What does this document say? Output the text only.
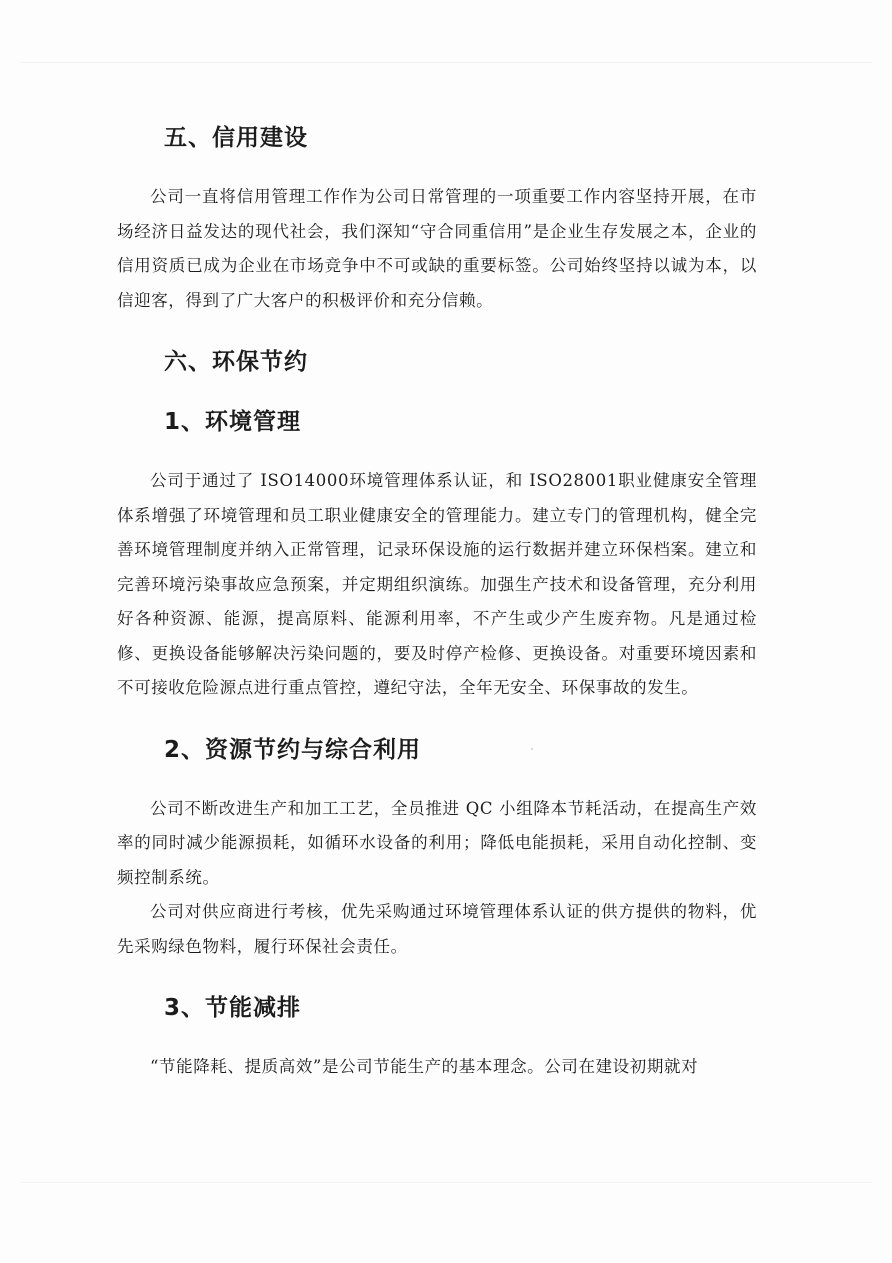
五、信用建设

公司一直将信用管理工作作为公司日常管理的一项重要工作内容坚持开展，在市场经济日益发达的现代社会，我们深知“守合同重信用”是企业生存发展之本，企业的信用资质已成为企业在市场竞争中不可或缺的重要标签。公司始终坚持以诚为本，以信迎客，得到了广大客户的积极评价和充分信赖。

六、环保节约
1、环境管理

公司于通过了 ISO14000环境管理体系认证，和 ISO28001职业健康安全管理体系增强了环境管理和员工职业健康安全的管理能力。建立专门的管理机构，健全完善环境管理制度并纳入正常管理，记录环保设施的运行数据并建立环保档案。建立和完善环境污染事故应急预案，并定期组织演练。加强生产技术和设备管理，充分利用好各种资源、能源，提高原料、能源利用率，不产生或少产生废弃物。凡是通过检修、更换设备能够解决污染问题的，要及时停产检修、更换设备。对重要环境因素和不可接收危险源点进行重点管控，遵纪守法，全年无安全、环保事故的发生。

2、资源节约与综合利用

公司不断改进生产和加工工艺，全员推进 QC 小组降本节耗活动，在提高生产效率的同时减少能源损耗，如循环水设备的利用；降低电能损耗，采用自动化控制、变频控制系统。

公司对供应商进行考核，优先采购通过环境管理体系认证的供方提供的物料，优先采购绿色物料，履行环保社会责任。

3、节能减排

“节能降耗、提质高效”是公司节能生产的基本理念。公司在建设初期就对
